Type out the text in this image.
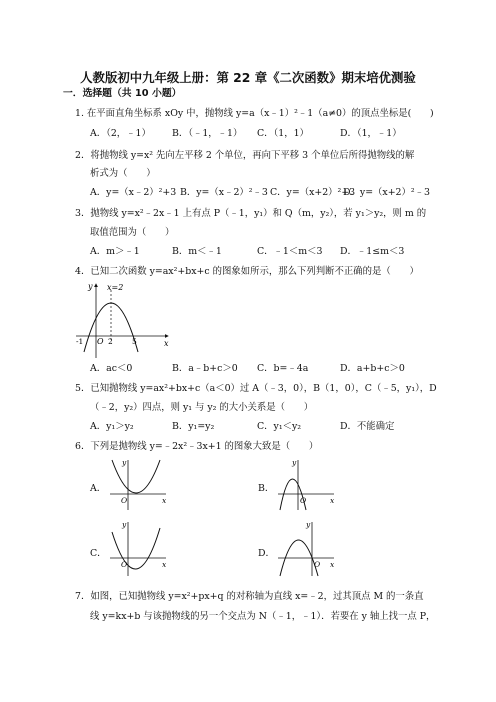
人教版初中九年级上册：第 22 章《二次函数》期末培优测验
一．选择题（共 10 小题）
1. 在平面直角坐标系 xOy 中，抛物线 y=a（x﹣1）²﹣1（a≠0）的顶点坐标是(　　)
A．（2，﹣1） B．（﹣1，﹣1） C．（1，1）	D．（1，﹣1）
2．将抛物线 y=x² 先向左平移 2 个单位，再向下平移 3 个单位后所得抛物线的解
析式为（　　）
A．y=（x﹣2）²+3 B．y=（x﹣2）²﹣3 C．y=（x+2）²+3
D．y=（x+2）²﹣3
3．抛物线 y=x²﹣2x﹣1 上有点 P（﹣1，y₁）和 Q（m，y₂），若 y₁＞y₂，则 m 的
取值范围为（　　）
A．m＞﹣1	B．m＜﹣1	C．﹣1＜m＜3 D．﹣1≤m＜3
4．已知二次函数 y=ax²+bx+c 的图象如所示，那么下列判断不正确的是（　　）
y
x
x=2
O
-1	2	5
A．ac＜0	B．a﹣b+c＞0 C．b=﹣4a	D．a+b+c＞0
5．已知抛物线 y=ax²+bx+c（a＜0）过 A（﹣3，0），B（1，0），C（﹣5，y₁），D
（﹣2，y₂）四点，则 y₁ 与 y₂ 的大小关系是（　　）
A．y₁＞y₂	B．y₁=y₂	C．y₁＜y₂	D．不能确定
6．下列是抛物线 y=﹣2x²﹣3x+1 的图象大致是（　　）
A．
y
x
O
B．
y
x
O
C．
y
x
O
D．
y
x
O
7．如图，已知抛物线 y=x²+px+q 的对称轴为直线 x=﹣2，过其顶点 M 的一条直
线 y=kx+b 与该抛物线的另一个交点为 N（﹣1，﹣1）．若要在 y 轴上找一点 P，
